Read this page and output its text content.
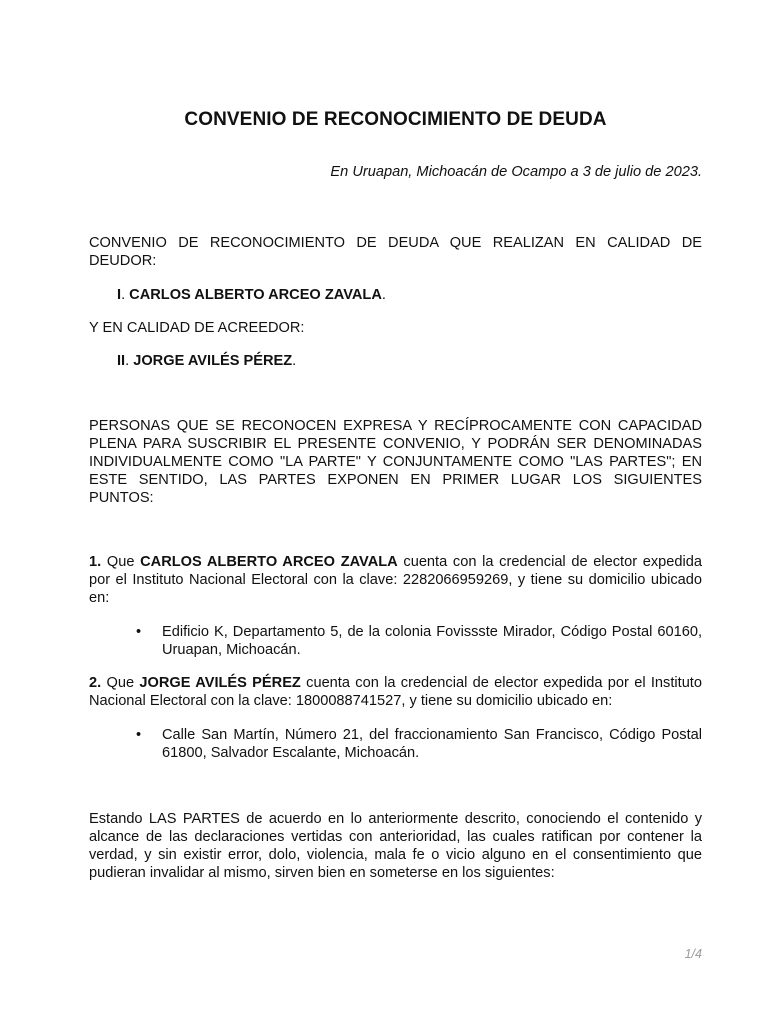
CONVENIO DE RECONOCIMIENTO DE DEUDA
En Uruapan, Michoacán de Ocampo a 3 de julio de 2023.
CONVENIO DE RECONOCIMIENTO DE DEUDA QUE REALIZAN EN CALIDAD DE DEUDOR:
I. CARLOS ALBERTO ARCEO ZAVALA.
Y EN CALIDAD DE ACREEDOR:
II. JORGE AVILÉS PÉREZ.
PERSONAS QUE SE RECONOCEN EXPRESA Y RECÍPROCAMENTE CON CAPACIDAD PLENA PARA SUSCRIBIR EL PRESENTE CONVENIO, Y PODRÁN SER DENOMINADAS INDIVIDUALMENTE COMO "LA PARTE" Y CONJUNTAMENTE COMO "LAS PARTES"; EN ESTE SENTIDO, LAS PARTES EXPONEN EN PRIMER LUGAR LOS SIGUIENTES PUNTOS:
1. Que CARLOS ALBERTO ARCEO ZAVALA cuenta con la credencial de elector expedida por el Instituto Nacional Electoral con la clave: 2282066959269, y tiene su domicilio ubicado en:
•	Edificio K, Departamento 5, de la colonia Fovissste Mirador, Código Postal 60160, Uruapan, Michoacán.
2. Que JORGE AVILÉS PÉREZ cuenta con la credencial de elector expedida por el Instituto Nacional Electoral con la clave: 1800088741527, y tiene su domicilio ubicado en:
•	Calle San Martín, Número 21, del fraccionamiento San Francisco, Código Postal 61800, Salvador Escalante, Michoacán.
Estando LAS PARTES de acuerdo en lo anteriormente descrito, conociendo el contenido y alcance de las declaraciones vertidas con anterioridad, las cuales ratifican por contener la verdad, y sin existir error, dolo, violencia, mala fe o vicio alguno en el consentimiento que pudieran invalidar al mismo, sirven bien en someterse en los siguientes:
1/4
